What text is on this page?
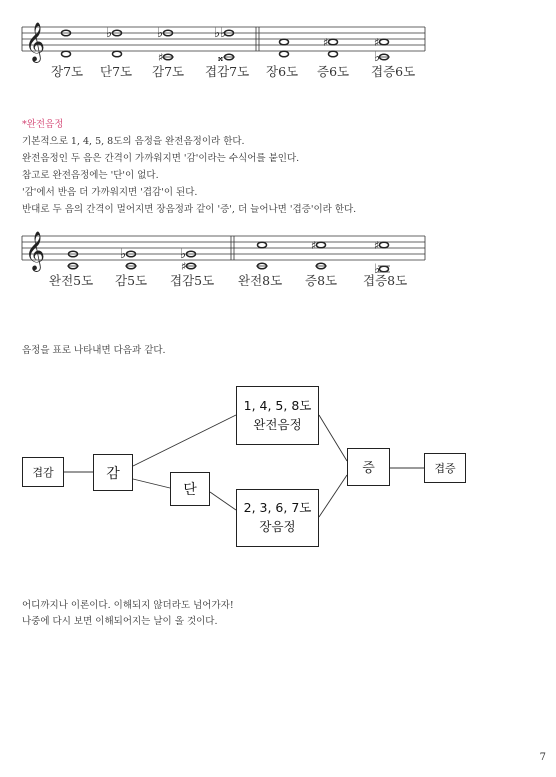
𝄞	♭	♭
♯
♭♭
𝄪
♯	♯
♭
장7도 단7도 감7도 겹감7도 장6도 증6도 겹증6도
*완전음정
기본적으로 1, 4, 5, 8도의 음정을 완전음정이라 한다.
완전음정인 두 음은 간격이 가까워지면 '감'이라는 수식어를 붙인다.
참고로 완전음정에는 '단'이 없다.
'감'에서 반음 더 가까워지면 '겹감'이 된다.
반대로 두 음의 간격이 멀어지면 장음정과 같이 '증', 더 늘어나면 '겹증'이라 한다.
𝄞	♭	♭
♯
♯	♯
♭
완전5도 감5도 겹감5도 완전8도 증8도 겹증8도
음정을 표로 나타내면 다음과 같다.
겹감	감
단
1, 4, 5, 8도
완전음정
2, 3, 6, 7도
장음정
증	겹증
어디까지나 이론이다. 이해되지 않더라도 넘어가자!
나중에 다시 보면 이해되어지는 날이 올 것이다.
7
